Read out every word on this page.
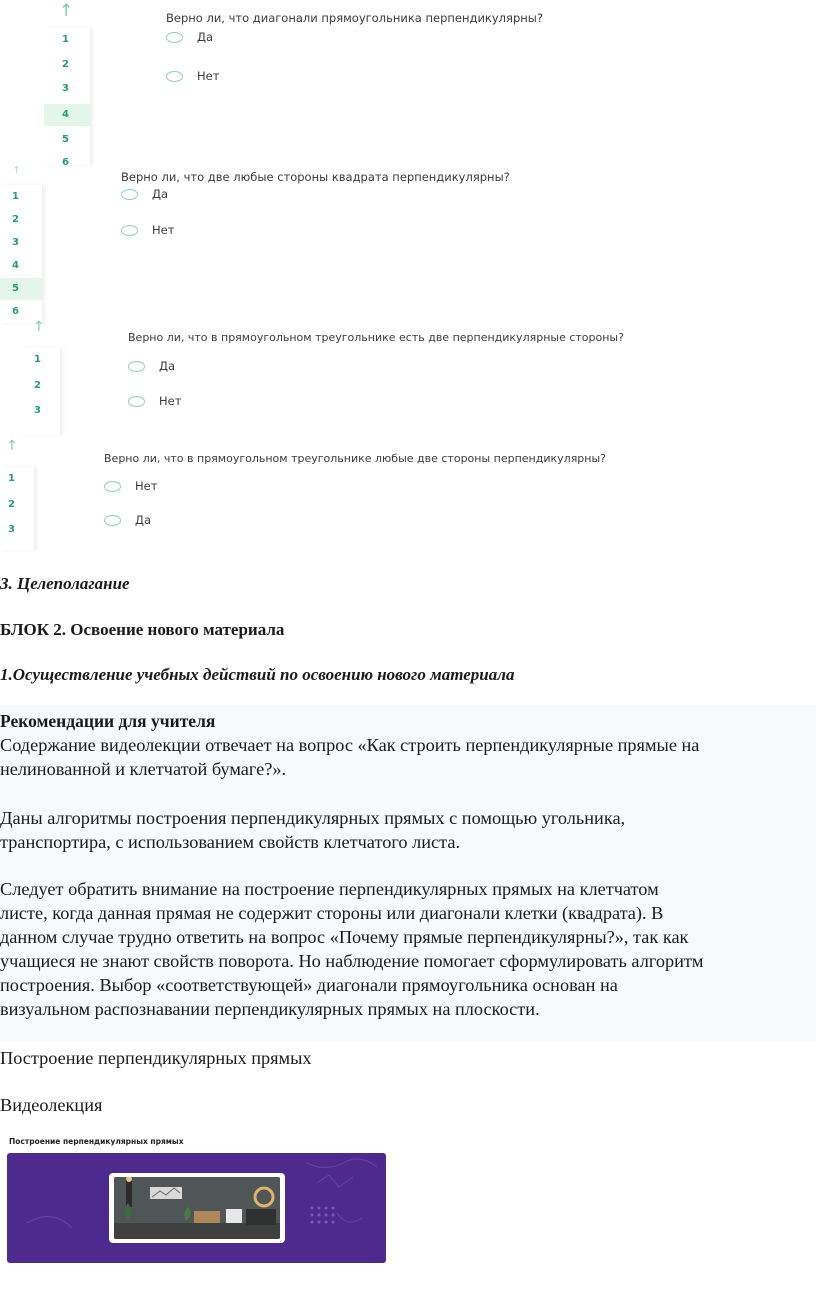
↑
1
2
3
4
5
6
Верно ли, что диагонали прямоугольника перпендикулярны?
Да
Нет
↑
1
2
3
4
5
6
Верно ли, что две любые стороны квадрата перпендикулярны?
Да
Нет
↑
1
2
3
Верно ли, что в прямоугольном треугольнике есть две перпендикулярные стороны?
Да
Нет
↑
1
2
3
Верно ли, что в прямоугольном треугольнике любые две стороны перпендикулярны?
Нет
Да
3. Целеполагание
БЛОК 2. Освоение нового материала
1.Осуществление учебных действий по освоению нового материала
Рекомендации для учителя
Содержание видеолекции отвечает на вопрос «Как строить перпендикулярные прямые на
нелинованной и клетчатой бумаге?».
Даны алгоритмы построения перпендикулярных прямых с помощью угольника,
транспортира, с использованием свойств клетчатого листа.
Следует обратить внимание на построение перпендикулярных прямых на клетчатом
листе, когда данная прямая не содержит стороны или диагонали клетки (квадрата). В
данном случае трудно ответить на вопрос «Почему прямые перпендикулярны?», так как
учащиеся не знают свойств поворота. Но наблюдение помогает сформулировать алгоритм
построения. Выбор «соответствующей» диагонали прямоугольника основан на
визуальном распознавании перпендикулярных прямых на плоскости.
Построение перпендикулярных прямых
Видеолекция
Построение перпендикулярных прямых
